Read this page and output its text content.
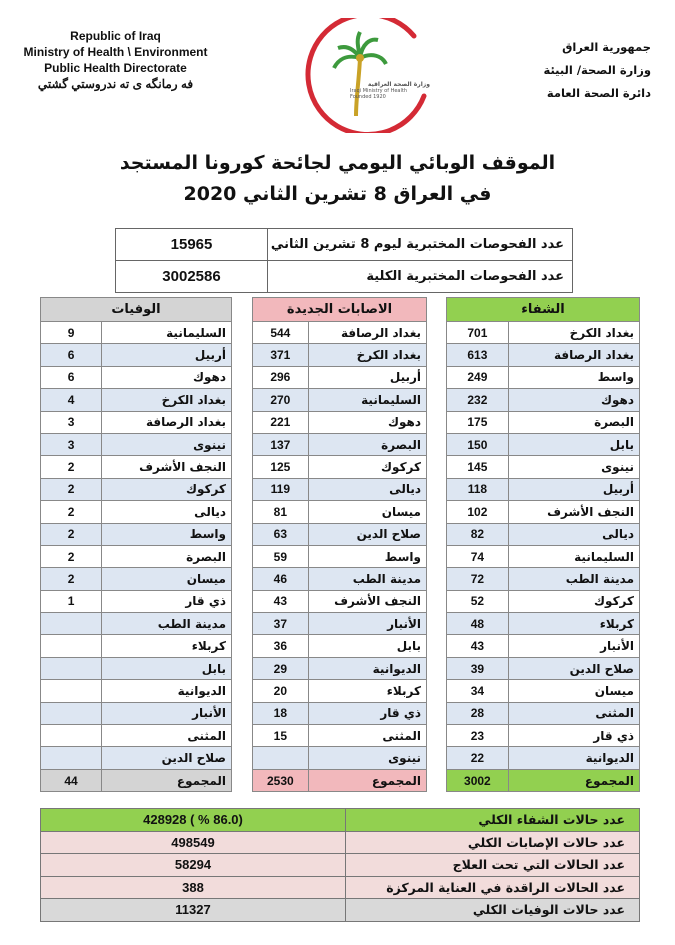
Republic of Iraq
Ministry of Health \ Environment
Public Health Directorate
فه رمانگه ی ته ندروستي گشتي	وزارة الصحة العراقية
Iraqi Ministry of Health
Founded 1920
جمهورية العراق
وزارة الصحة/ البيئة
دائرة الصحة العامة
الموقف الوبائي اليومي لجائحة كورونا المستجد
في العراق 8 تشرين الثاني 2020
15965	عدد الفحوصات المختبرية ليوم 8 تشرين الثاني
3002586	عدد الفحوصات المختبرية الكلية
الشفاء	
701	بغداد الكرخ
613	بغداد الرصافة
249	واسط
232	دهوك
175	البصرة
150	بابل
145	نينوى
118	أربيل
102	النجف الأشرف
82	ديالى
74	السليمانية
72	مدينة الطب
52	كركوك
48	كربلاء
43	الأنبار
39	صلاح الدين
34	ميسان
28	المثنى
23	ذي قار
22	الديوانية
3002	المجموع
الاصابات الجديدة	
544	بغداد الرصافة
371	بغداد الكرخ
296	أربيل
270	السليمانية
221	دهوك
137	البصرة
125	كركوك
119	ديالى
81	ميسان
63	صلاح الدين
59	واسط
46	مدينة الطب
43	النجف الأشرف
37	الأنبار
36	بابل
29	الديوانية
20	كربلاء
18	ذي قار
15	المثنى
	نينوى
2530	المجموع
الوفيات	
9	السليمانية
6	أربيل
6	دهوك
4	بغداد الكرخ
3	بغداد الرصافة
3	نينوى
2	النجف الأشرف
2	كركوك
2	ديالى
2	واسط
2	البصرة
2	ميسان
1	ذي قار
	مدينة الطب
	كربلاء
	بابل
	الديوانية
	الأنبار
	المثنى
	صلاح الدين
44	المجموع
428928 ( % 86.0)	عدد حالات الشفاء الكلي
498549	عدد حالات الإصابات الكلي
58294	عدد الحالات التي تحت العلاج
388	عدد الحالات الراقدة في العناية المركزة
11327	عدد حالات الوفيات الكلي
